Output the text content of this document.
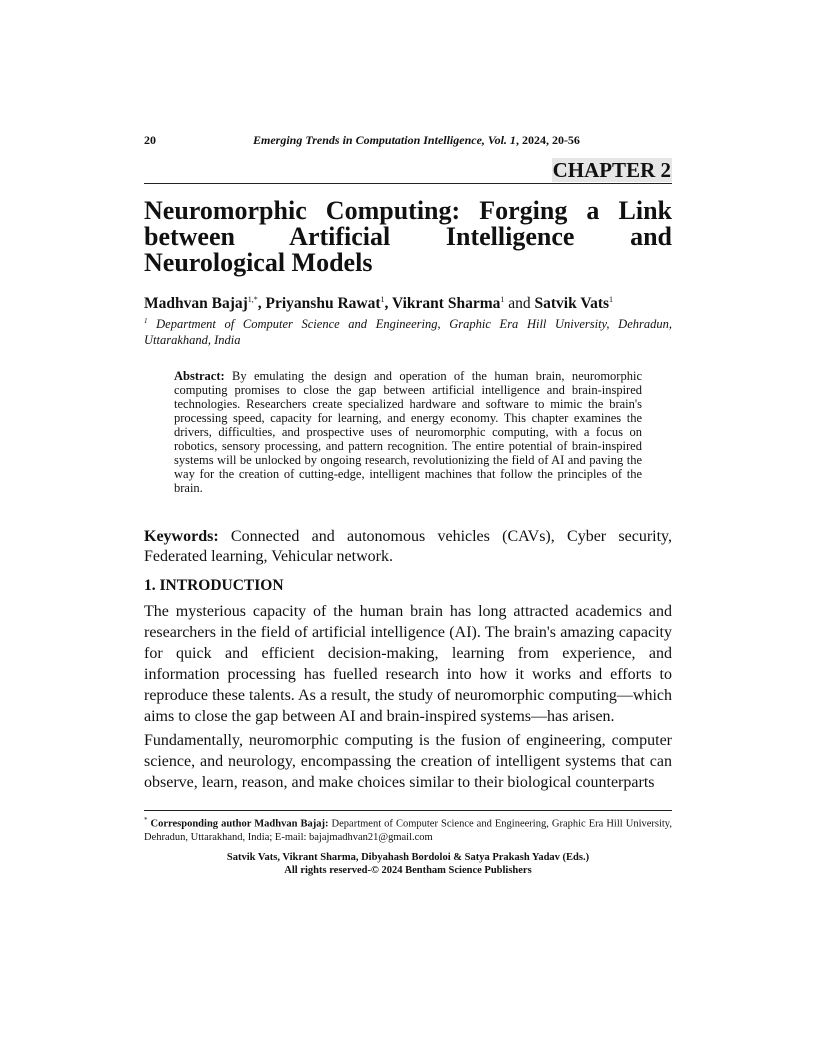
20	Emerging Trends in Computation Intelligence, Vol. 1, 2024, 20-56
CHAPTER 2
Neuromorphic Computing: Forging a Link between Artificial Intelligence and Neurological Models
Madhvan Bajaj$^{1,*}$, Priyanshu Rawat$^1$, Vikrant Sharma$^1$ and Satvik Vats$^1$
$^1$ Department of Computer Science and Engineering, Graphic Era Hill University, Dehradun, Uttarakhand, India
Abstract: By emulating the design and operation of the human brain, neuromorphic computing promises to close the gap between artificial intelligence and brain-inspired technologies. Researchers create specialized hardware and software to mimic the brain's processing speed, capacity for learning, and energy economy. This chapter examines the drivers, difficulties, and prospective uses of neuromorphic computing, with a focus on robotics, sensory processing, and pattern recognition. The entire potential of brain-inspired systems will be unlocked by ongoing research, revolutionizing the field of AI and paving the way for the creation of cutting-edge, intelligent machines that follow the principles of the brain.
Keywords: Connected and autonomous vehicles (CAVs), Cyber security, Federated learning, Vehicular network.
1. INTRODUCTION

The mysterious capacity of the human brain has long attracted academics and researchers in the field of artificial intelligence (AI). The brain's amazing capacity for quick and efficient decision-making, learning from experience, and information processing has fuelled research into how it works and efforts to reproduce these talents. As a result, the study of neuromorphic computing—which aims to close the gap between AI and brain-inspired systems—has arisen.

Fundamentally, neuromorphic computing is the fusion of engineering, computer science, and neurology, encompassing the creation of intelligent systems that can observe, learn, reason, and make choices similar to their biological counterparts

* Corresponding author Madhvan Bajaj: Department of Computer Science and Engineering, Graphic Era Hill University, Dehradun, Uttarakhand, India; E-mail: bajajmadhvan21@gmail.com
Satvik Vats, Vikrant Sharma, Dibyahash Bordoloi & Satya Prakash Yadav (Eds.)
All rights reserved-© 2024 Bentham Science Publishers
